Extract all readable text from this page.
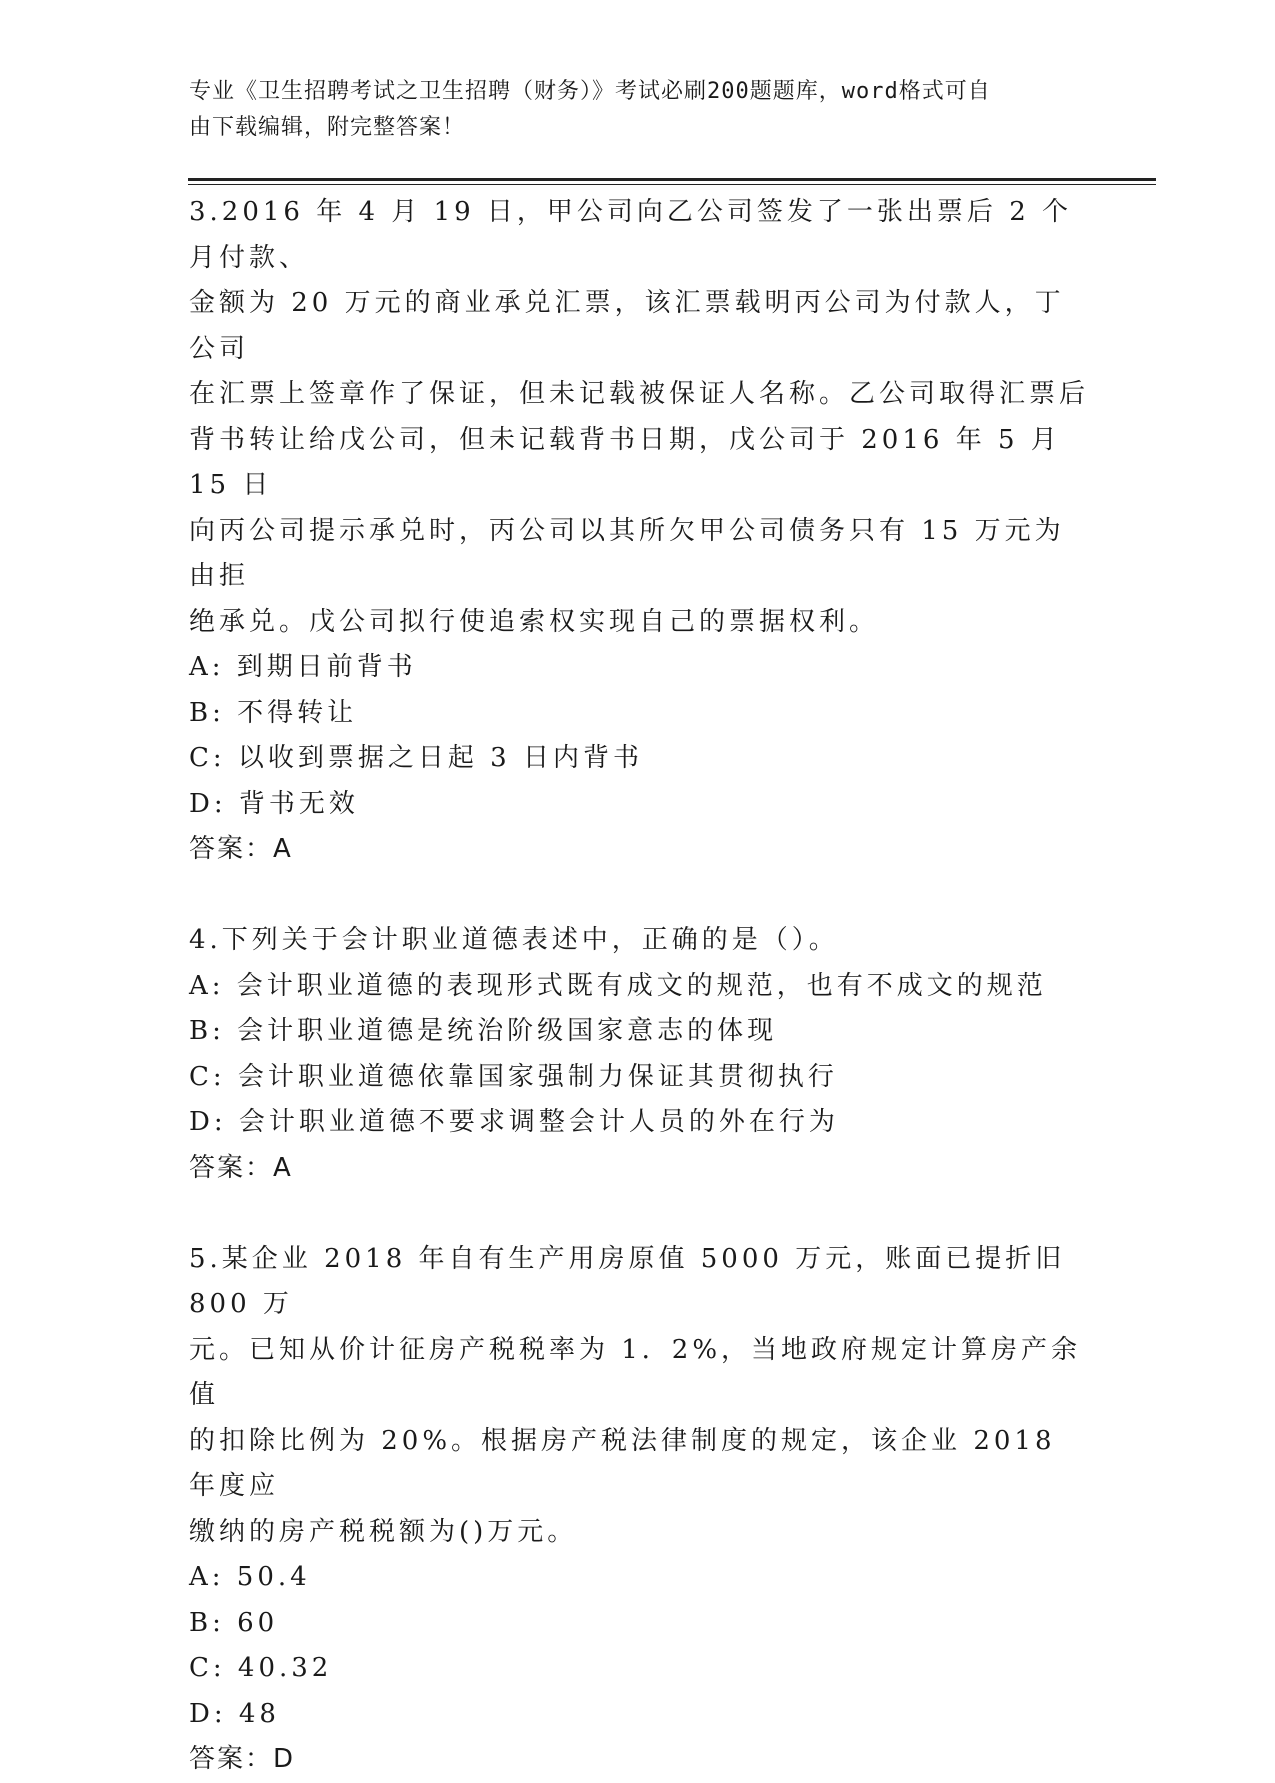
专业《卫生招聘考试之卫生招聘（财务）》考试必刷200题题库，word格式可自
由下载编辑，附完整答案！

3.2016 年 4 月 19 日，甲公司向乙公司签发了一张出票后 2 个月付款、

金额为 20 万元的商业承兑汇票，该汇票载明丙公司为付款人，丁公司

在汇票上签章作了保证，但未记载被保证人名称。乙公司取得汇票后

背书转让给戊公司，但未记载背书日期，戊公司于 2016 年 5 月 15 日

向丙公司提示承兑时，丙公司以其所欠甲公司债务只有 15 万元为由拒

绝承兑。戊公司拟行使追索权实现自己的票据权利。

A: 到期日前背书

B: 不得转让

C: 以收到票据之日起 3 日内背书

D: 背书无效

答案：A

4.下列关于会计职业道德表述中，正确的是（）。

A: 会计职业道德的表现形式既有成文的规范，也有不成文的规范

B: 会计职业道德是统治阶级国家意志的体现

C: 会计职业道德依靠国家强制力保证其贯彻执行

D: 会计职业道德不要求调整会计人员的外在行为

答案：A

5.某企业 2018 年自有生产用房原值 5000 万元，账面已提折旧 800 万

元。已知从价计征房产税税率为 1．2%，当地政府规定计算房产余值

的扣除比例为 20%。根据房产税法律制度的规定，该企业 2018 年度应

缴纳的房产税税额为()万元。

A: 50.4

B: 60

C: 40.32

D: 48

答案：D
